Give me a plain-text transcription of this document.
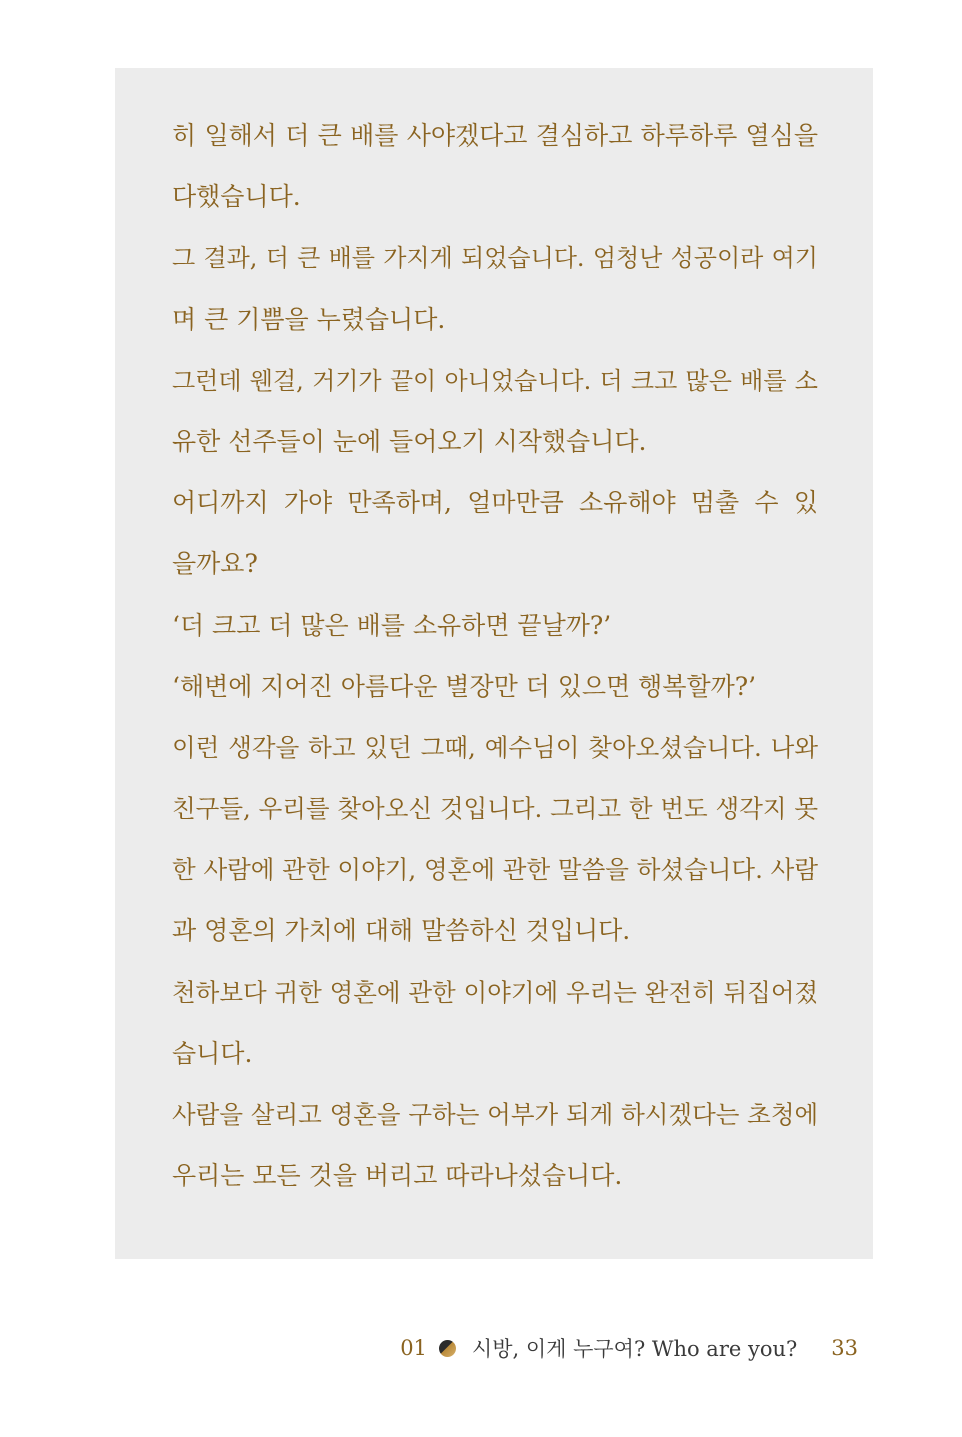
히 일해서 더 큰 배를 사야겠다고 결심하고 하루하루 열심을
다했습니다.
그 결과, 더 큰 배를 가지게 되었습니다. 엄청난 성공이라 여기
며 큰 기쁨을 누렸습니다.
그런데 웬걸, 거기가 끝이 아니었습니다. 더 크고 많은 배를 소
유한 선주들이 눈에 들어오기 시작했습니다.
어디까지 가야 만족하며, 얼마만큼 소유해야 멈출 수 있
을까요?
‘더 크고 더 많은 배를 소유하면 끝날까?’
‘해변에 지어진 아름다운 별장만 더 있으면 행복할까?’
이런 생각을 하고 있던 그때, 예수님이 찾아오셨습니다. 나와
친구들, 우리를 찾아오신 것입니다. 그리고 한 번도 생각지 못
한 사람에 관한 이야기, 영혼에 관한 말씀을 하셨습니다. 사람
과 영혼의 가치에 대해 말씀하신 것입니다.
천하보다 귀한 영혼에 관한 이야기에 우리는 완전히 뒤집어졌
습니다.
사람을 살리고 영혼을 구하는 어부가 되게 하시겠다는 초청에
우리는 모든 것을 버리고 따라나섰습니다.
01 시방, 이게 누구여? Who are you? 33
